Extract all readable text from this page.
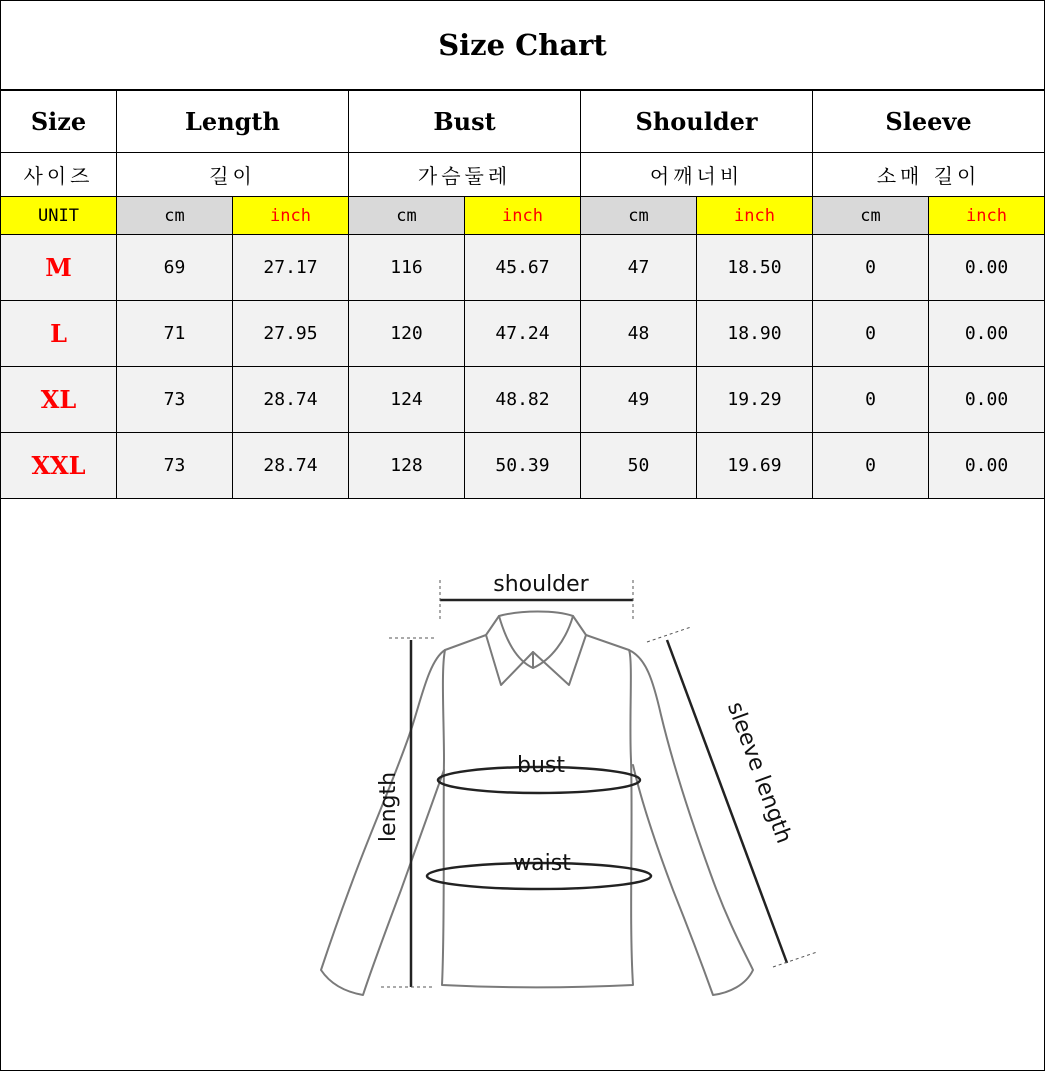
Size Chart
Size	Length		Bust		Shoulder		Sleeve	
사이즈	길이		가슴둘레		어깨너비		소매 길이	
UNIT	cm	inch	cm	inch	cm	inch	cm	inch
M	69	27.17	116	45.67	47	18.50	0	0.00
L	71	27.95	120	47.24	48	18.90	0	0.00
XL	73	28.74	124	48.82	49	19.29	0	0.00
XXL	73	28.74	128	50.39	50	19.69	0	0.00
shoulder
length	sleeve length
bust
waist
